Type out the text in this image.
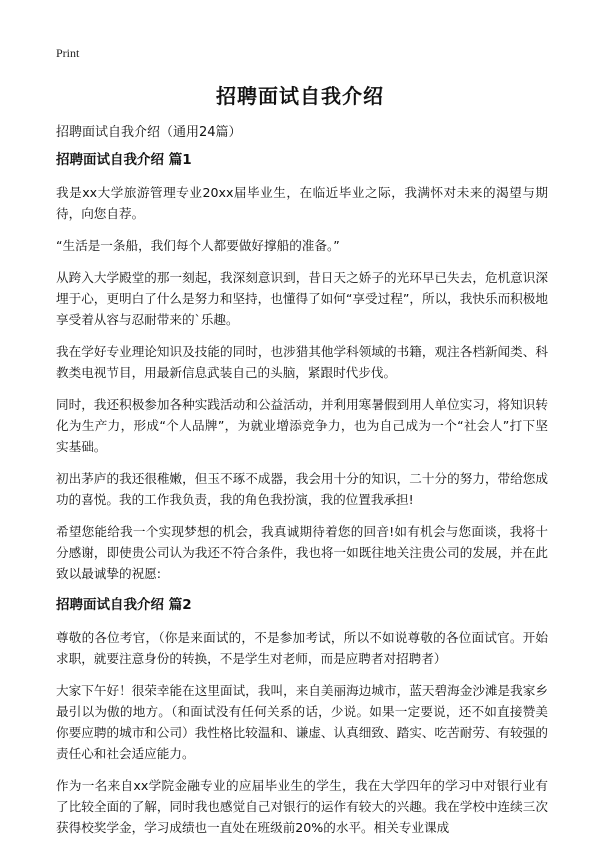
Print
招聘面试自我介绍
招聘面试自我介绍（通用24篇）
招聘面试自我介绍 篇1

我是xx大学旅游管理专业20xx届毕业生，在临近毕业之际，我满怀对未来的渴望与期待，向您自荐。

“生活是一条船，我们每个人都要做好撑船的准备。”

从跨入大学殿堂的那一刻起，我深刻意识到，昔日天之娇子的光环早已失去，危机意识深埋于心，更明白了什么是努力和坚持，也懂得了如何“享受过程”，所以，我快乐而积极地享受着从容与忍耐带来的`乐趣。

我在学好专业理论知识及技能的同时，也涉猎其他学科领域的书籍，观注各档新闻类、科教类电视节目，用最新信息武装自己的头脑，紧跟时代步伐。

同时，我还积极参加各种实践活动和公益活动，并利用寒暑假到用人单位实习，将知识转化为生产力，形成“个人品牌”，为就业增添竞争力，也为自己成为一个“社会人”打下坚实基础。

初出茅庐的我还很稚嫩，但玉不琢不成器，我会用十分的知识，二十分的努力，带给您成功的喜悦。我的工作我负责，我的角色我扮演，我的位置我承担!

希望您能给我一个实现梦想的机会，我真诚期待着您的回音!如有机会与您面谈，我将十分感谢，即使贵公司认为我还不符合条件，我也将一如既往地关注贵公司的发展，并在此致以最诚挚的祝愿:

招聘面试自我介绍 篇2

尊敬的各位考官，（你是来面试的，不是参加考试，所以不如说尊敬的各位面试官。开始求职，就要注意身份的转换，不是学生对老师，而是应聘者对招聘者）

大家下午好！很荣幸能在这里面试，我叫，来自美丽海边城市，蓝天碧海金沙滩是我家乡最引以为傲的地方。（和面试没有任何关系的话，少说。如果一定要说，还不如直接赞美你要应聘的城市和公司）我性格比较温和、谦虚、认真细致、踏实、吃苦耐劳、有较强的责任心和社会适应能力。

作为一名来自xx学院金融专业的应届毕业生的学生，我在大学四年的学习中对银行业有了比较全面的了解，同时我也感觉自己对银行的运作有较大的兴趣。我在学校中连续三次获得校奖学金，学习成绩也一直处在班级前20%的水平。相关专业课成
